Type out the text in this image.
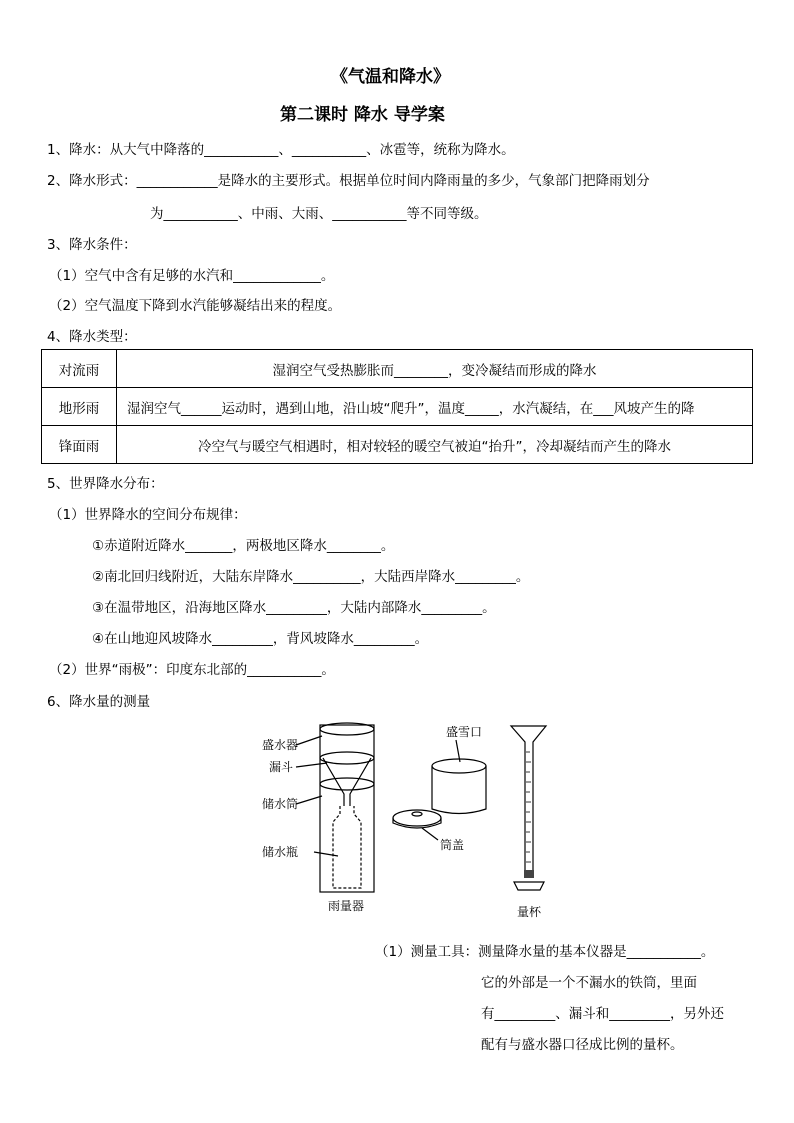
《气温和降水》
第二课时 降水 导学案
1、降水：从大气中降落的___________、___________、冰雹等，统称为降水。
2、降水形式：____________是降水的主要形式。根据单位时间内降雨量的多少，气象部门把降雨划分
为___________、中雨、大雨、___________等不同等级。
3、降水条件：
（1）空气中含有足够的水汽和_____________。
（2）空气温度下降到水汽能够凝结出来的程度。
4、降水类型：
对流雨	湿润空气受热膨胀而________，变冷凝结而形成的降水
地形雨	湿润空气______运动时，遇到山地，沿山坡“爬升”，温度_____，水汽凝结，在___风坡产生的降
锋面雨	冷空气与暖空气相遇时，相对较轻的暖空气被迫“抬升”，冷却凝结而产生的降水
5、世界降水分布：
（1）世界降水的空间分布规律：
①赤道附近降水_______，两极地区降水________。
②南北回归线附近，大陆东岸降水__________，大陆西岸降水_________。
③在温带地区，沿海地区降水_________，大陆内部降水_________。
④在山地迎风坡降水_________，背风坡降水_________。
（2）世界“雨极”：印度东北部的___________。
6、降水量的测量
盛水器
漏斗
储水筒
储水瓶
雨量器
盛雪口
筒盖
量杯
（1）测量工具：测量降水量的基本仪器是___________。
它的外部是一个不漏水的铁筒，里面
有_________、漏斗和_________，另外还
配有与盛水器口径成比例的量杯。
